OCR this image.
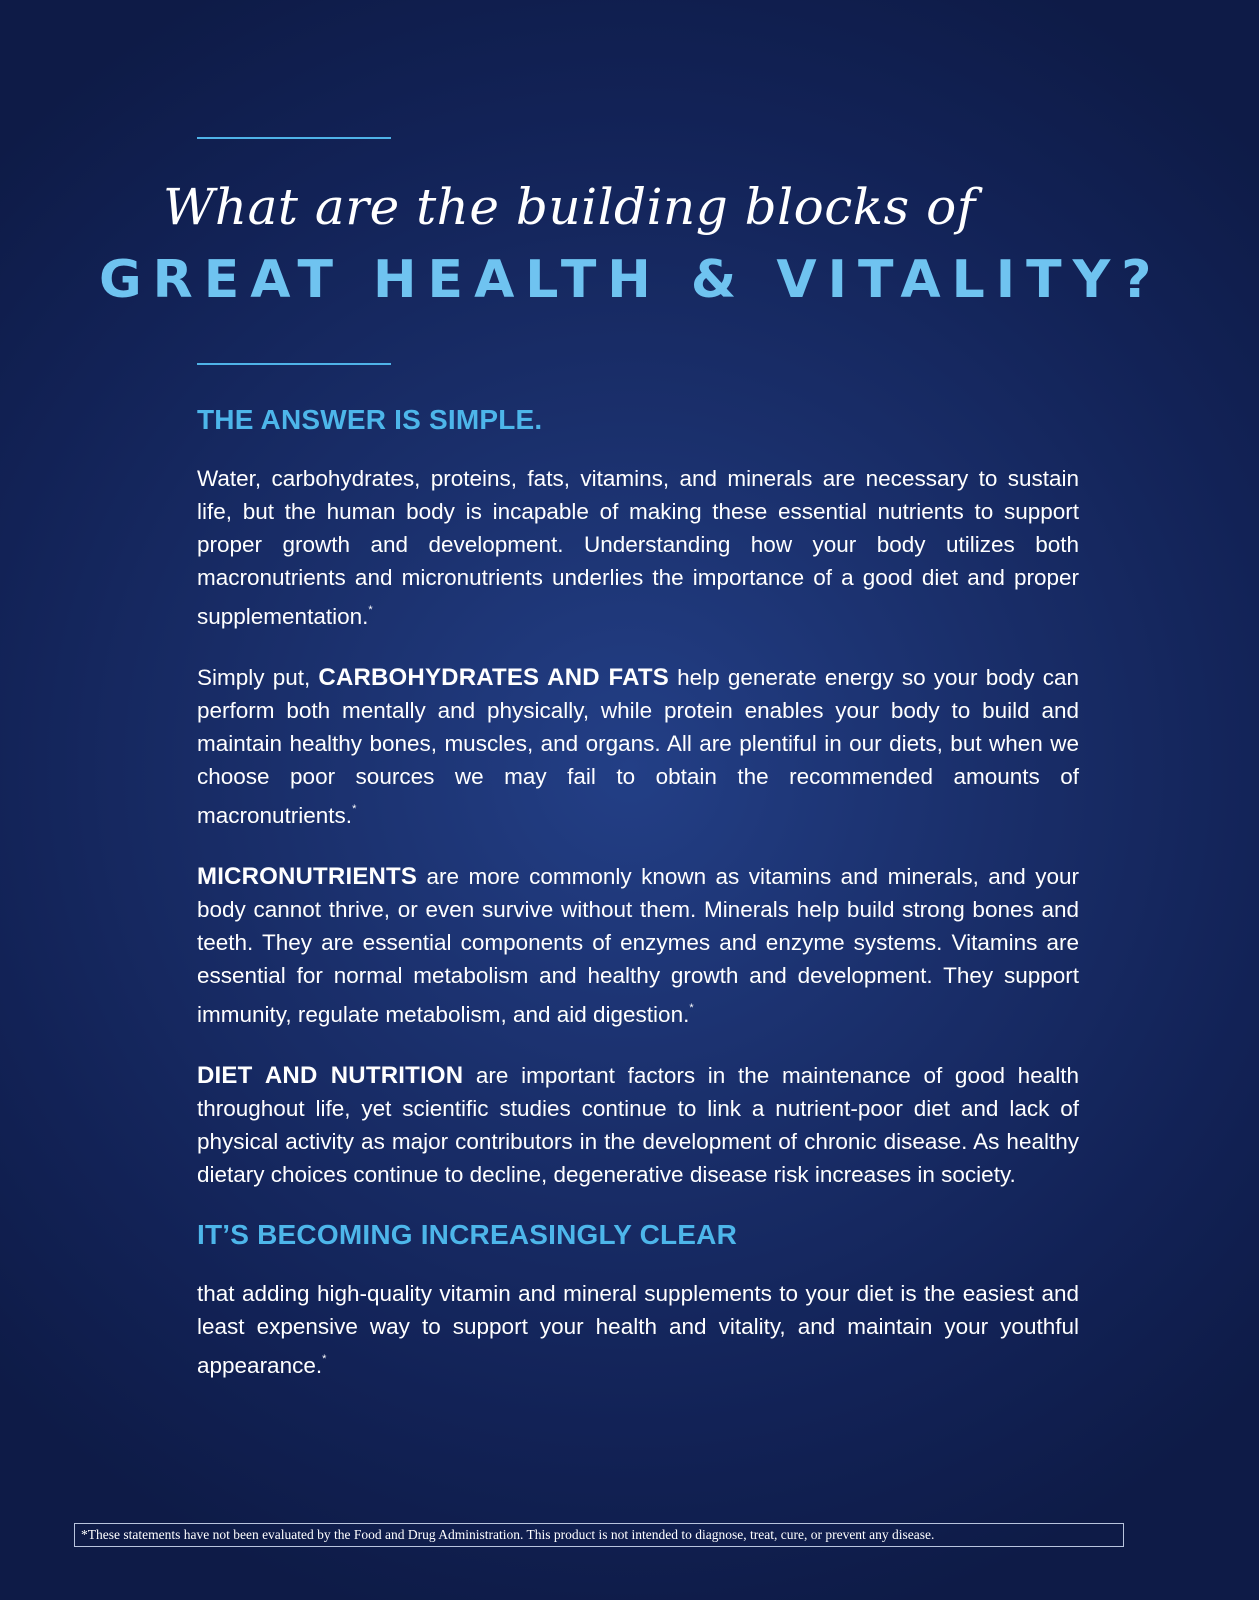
What are the building blocks of
GREAT HEALTH & VITALITY?
THE ANSWER IS SIMPLE.

Water, carbohydrates, proteins, fats, vitamins, and minerals are necessary to sustain life, but the human body is incapable of making these essential nutrients to support proper growth and development. Understanding how your body utilizes both macronutrients and micronutrients underlies the importance of a good diet and proper supplementation.*

Simply put, CARBOHYDRATES AND FATS help generate energy so your body can perform both mentally and physically, while protein enables your body to build and maintain healthy bones, muscles, and organs. All are plentiful in our diets, but when we choose poor sources we may fail to obtain the recommended amounts of macronutrients.*

MICRONUTRIENTS are more commonly known as vitamins and minerals, and your body cannot thrive, or even survive without them. Minerals help build strong bones and teeth. They are essential components of enzymes and enzyme systems. Vitamins are essential for normal metabolism and healthy growth and development. They support immunity, regulate metabolism, and aid digestion.*

DIET AND NUTRITION are important factors in the maintenance of good health throughout life, yet scientific studies continue to link a nutrient-poor diet and lack of physical activity as major contributors in the development of chronic disease. As healthy dietary choices continue to decline, degenerative disease risk increases in society.

IT’S BECOMING INCREASINGLY CLEAR

that adding high-quality vitamin and mineral supplements to your diet is the easiest and least expensive way to support your health and vitality, and maintain your youthful appearance.*

*These statements have not been evaluated by the Food and Drug Administration. This product is not intended to diagnose, treat, cure, or prevent any disease.
